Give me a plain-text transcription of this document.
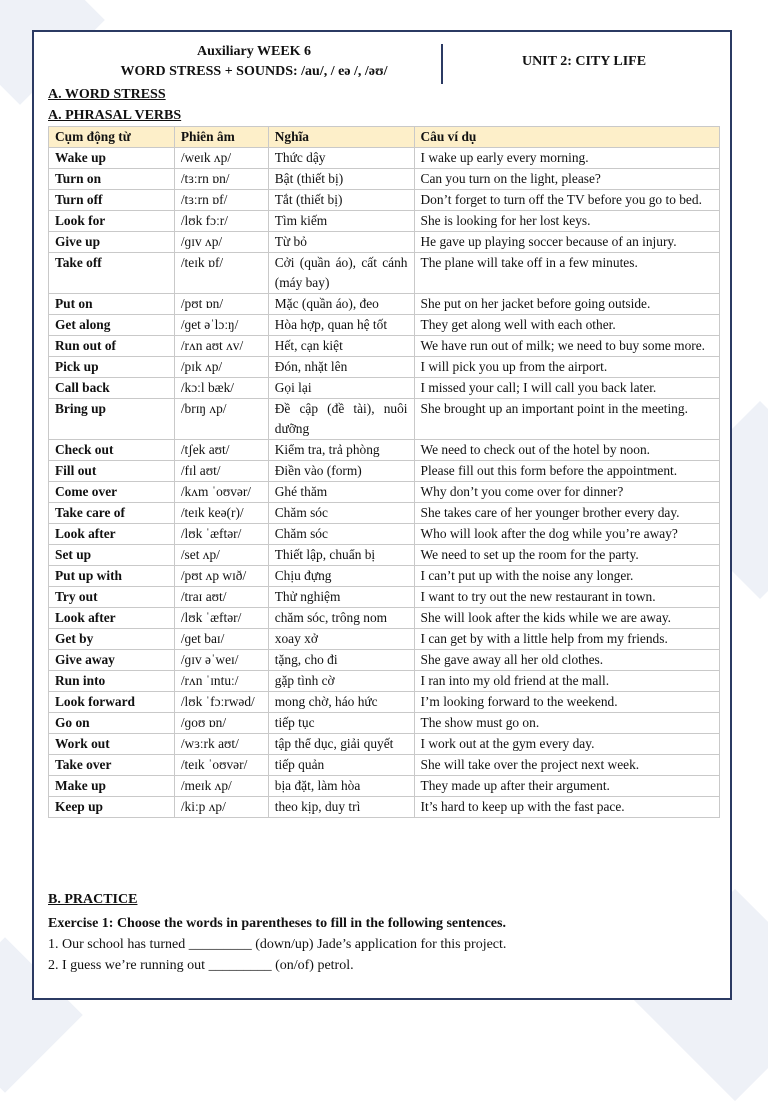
Auxiliary WEEK 6
WORD STRESS + SOUNDS: /au/, / eə /, /əʊ/
UNIT 2: CITY LIFE
A. WORD STRESS
A. PHRASAL VERBS
Cụm động từ	Phiên âm	Nghĩa	Câu ví dụ
Wake up	/weɪk ʌp/	Thức dậy	I wake up early every morning.
Turn on	/tɜːrn ɒn/	Bật (thiết bị)	Can you turn on the light, please?
Turn off	/tɜːrn ɒf/	Tắt (thiết bị)	Don’t forget to turn off the TV before you go to bed.
Look for	/lʊk fɔːr/	Tìm kiếm	She is looking for her lost keys.
Give up	/ɡɪv ʌp/	Từ bỏ	He gave up playing soccer because of an injury.
Take off	/teɪk ɒf/	Cởi (quần áo), cất cánh (máy bay)	The plane will take off in a few minutes.
Put on	/pʊt ɒn/	Mặc (quần áo), đeo	She put on her jacket before going outside.
Get along	/ɡet əˈlɔːŋ/	Hòa hợp, quan hệ tốt	They get along well with each other.
Run out of	/rʌn aʊt ʌv/	Hết, cạn kiệt	We have run out of milk; we need to buy some more.
Pick up	/pɪk ʌp/	Đón, nhặt lên	I will pick you up from the airport.
Call back	/kɔːl bæk/	Gọi lại	I missed your call; I will call you back later.
Bring up	/brɪŋ ʌp/	Đề cập (đề tài), nuôi dưỡng	She brought up an important point in the meeting.
Check out	/tʃek aʊt/	Kiểm tra, trả phòng	We need to check out of the hotel by noon.
Fill out	/fɪl aʊt/	Điền vào (form)	Please fill out this form before the appointment.
Come over	/kʌm ˈoʊvər/	Ghé thăm	Why don’t you come over for dinner?
Take care of	/teɪk keə(r)/	Chăm sóc	She takes care of her younger brother every day.
Look after	/lʊk ˈæftər/	Chăm sóc	Who will look after the dog while you’re away?
Set up	/set ʌp/	Thiết lập, chuẩn bị	We need to set up the room for the party.
Put up with	/pʊt ʌp wɪð/	Chịu đựng	I can’t put up with the noise any longer.
Try out	/traɪ aʊt/	Thử nghiệm	I want to try out the new restaurant in town.
Look after	/lʊk ˈæftər/	chăm sóc, trông nom	She will look after the kids while we are away.
Get by	/ɡet baɪ/	xoay xở	I can get by with a little help from my friends.
Give away	/ɡɪv əˈweɪ/	tặng, cho đi	She gave away all her old clothes.
Run into	/rʌn ˈɪntuː/	gặp tình cờ	I ran into my old friend at the mall.
Look forward	/lʊk ˈfɔːrwəd/	mong chờ, háo hức	I’m looking forward to the weekend.
Go on	/ɡoʊ ɒn/	tiếp tục	The show must go on.
Work out	/wɜːrk aʊt/	tập thể dục, giải quyết	I work out at the gym every day.
Take over	/teɪk ˈoʊvər/	tiếp quản	She will take over the project next week.
Make up	/meɪk ʌp/	bịa đặt, làm hòa	They made up after their argument.
Keep up	/kiːp ʌp/	theo kịp, duy trì	It’s hard to keep up with the fast pace.
B. PRACTICE
Exercise 1: Choose the words in parentheses to fill in the following sentences.
1. Our school has turned _________ (down/up) Jade’s application for this project.
2. I guess we’re running out _________ (on/of) petrol.
